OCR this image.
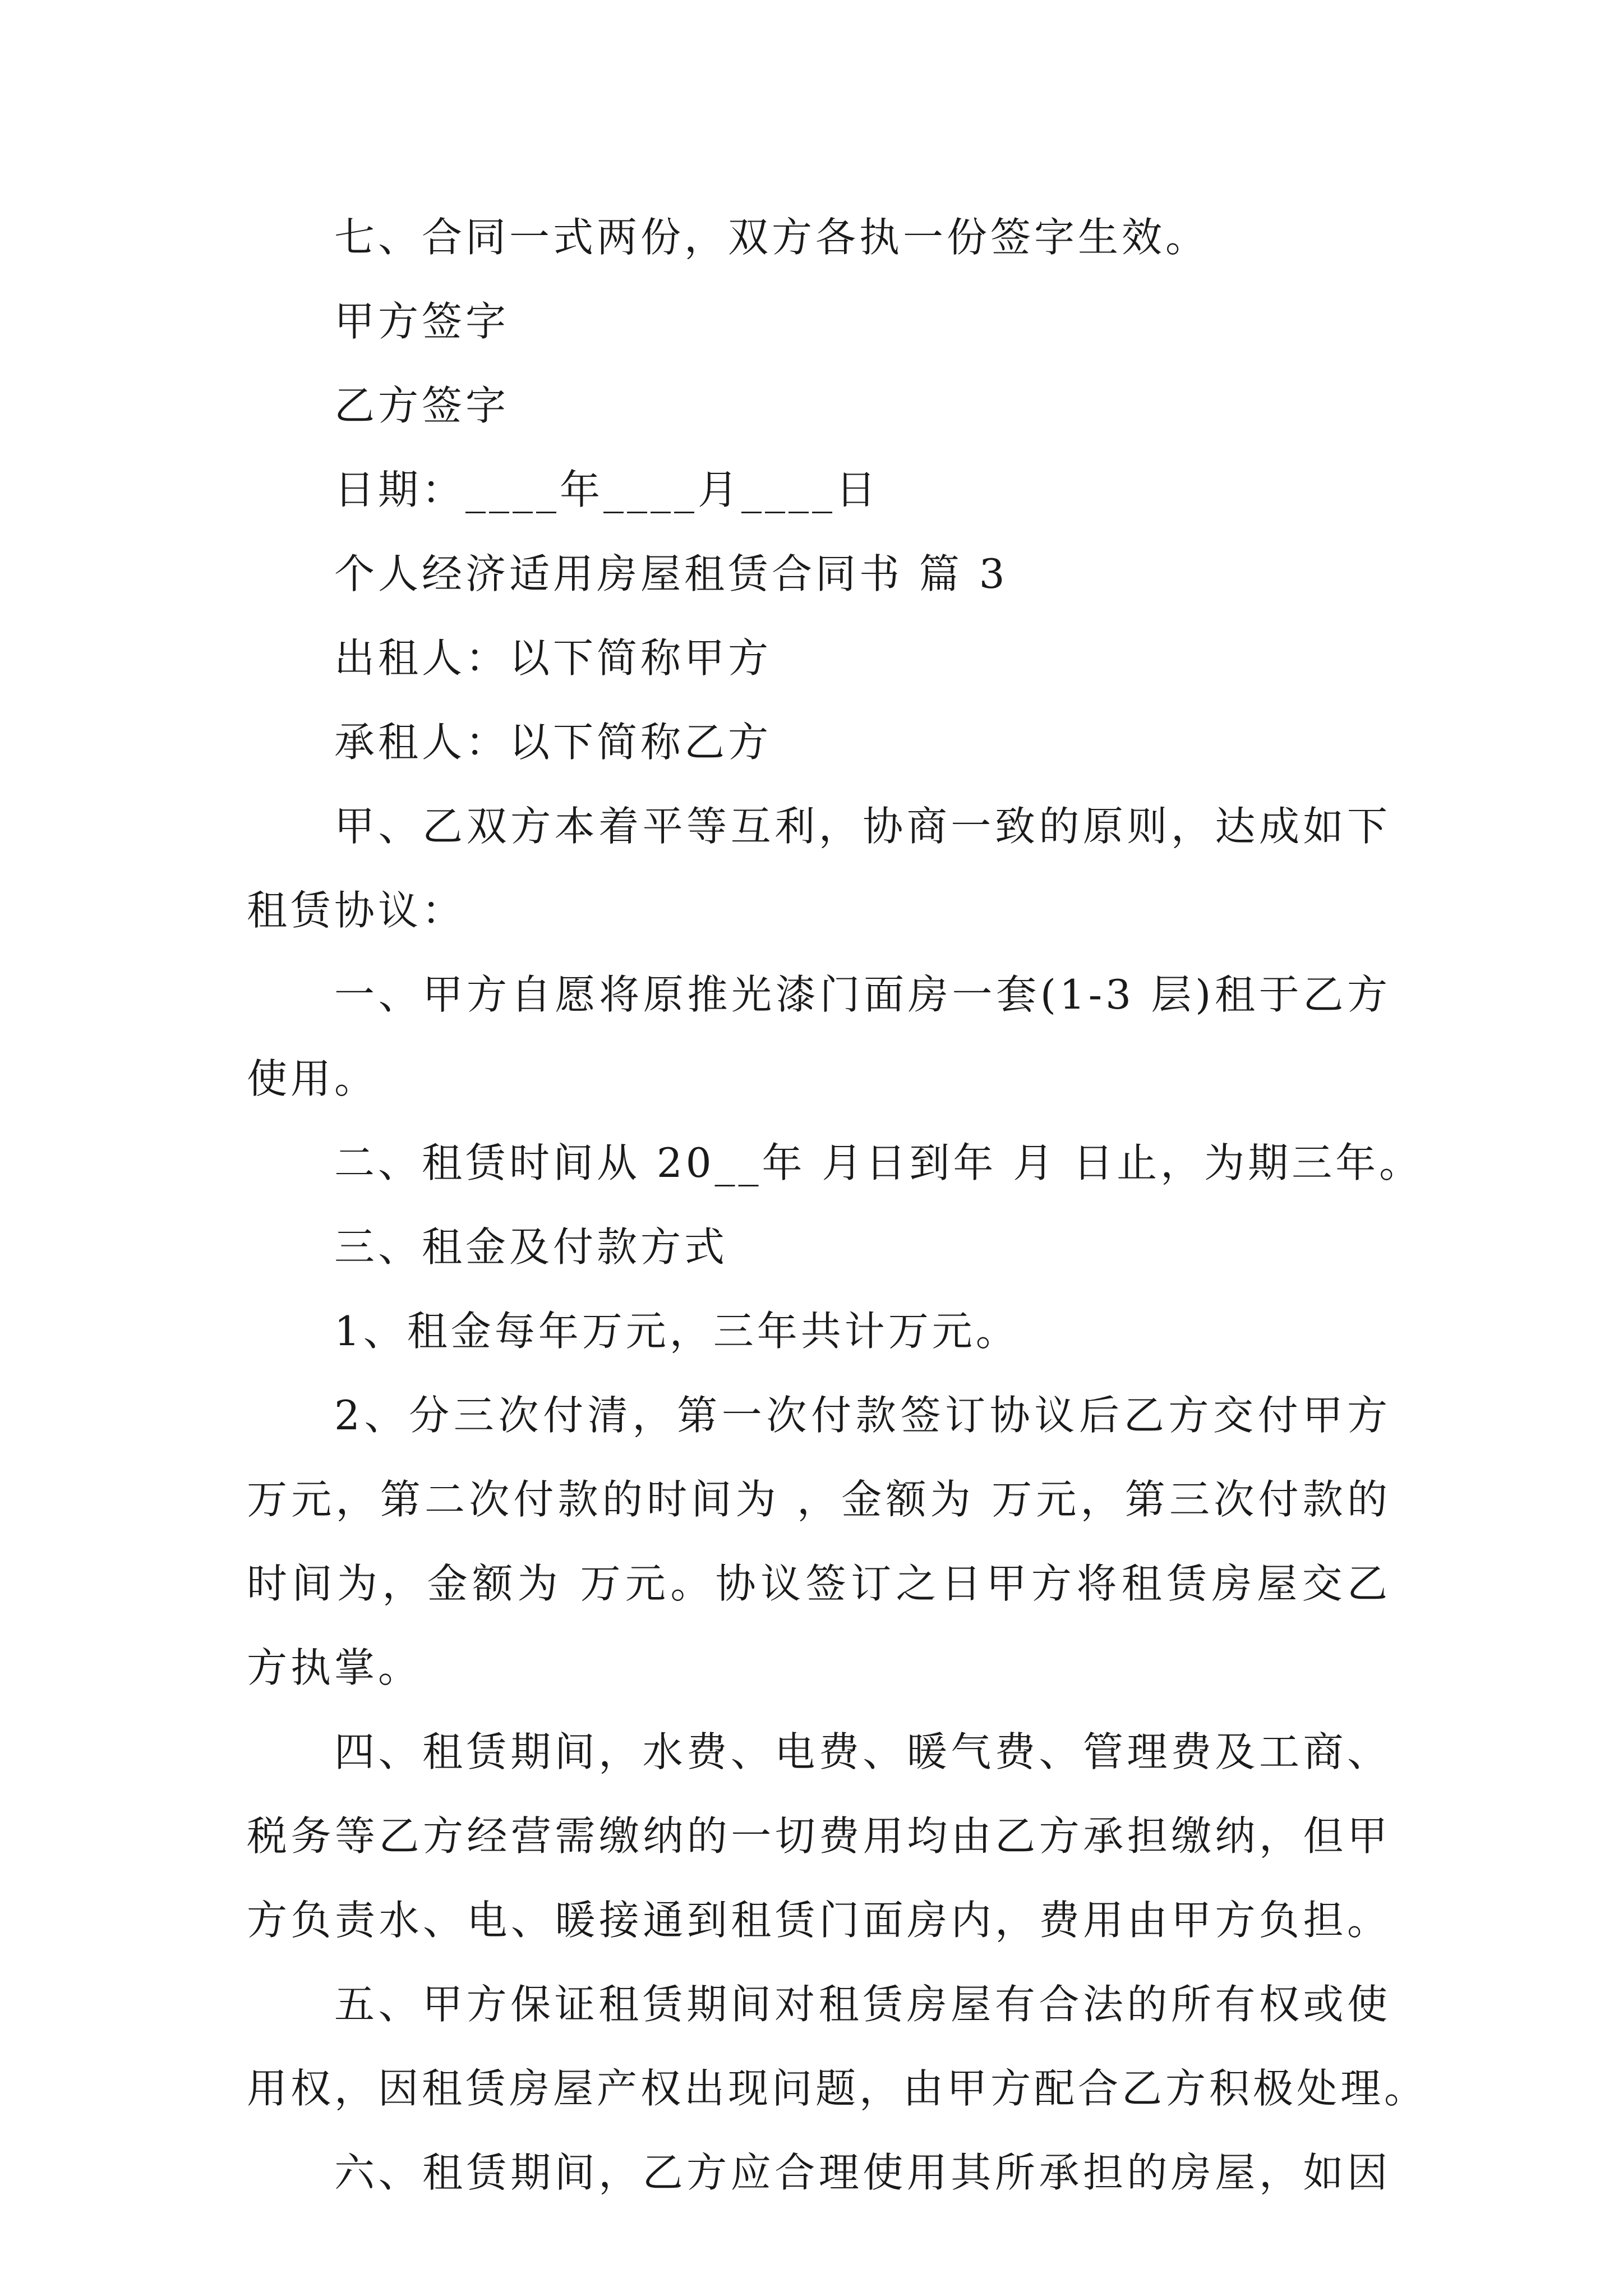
七、合同一式两份，双方各执一份签字生效。
甲方签字
乙方签字
日期：____年____月____日
个人经济适用房屋租赁合同书 篇 3
出租人：以下简称甲方
承租人：以下简称乙方
甲、乙双方本着平等互利，协商一致的原则，达成如下
租赁协议：
一、甲方自愿将原推光漆门面房一套(1-3 层)租于乙方
使用。
二、租赁时间从 20__年 月日到年 月 日止，为期三年。
三、租金及付款方式
1、租金每年万元，三年共计万元。
2、分三次付清，第一次付款签订协议后乙方交付甲方
万元，第二次付款的时间为 ，金额为 万元，第三次付款的
时间为，金额为 万元。协议签订之日甲方将租赁房屋交乙
方执掌。
四、租赁期间，水费、电费、暖气费、管理费及工商、
税务等乙方经营需缴纳的一切费用均由乙方承担缴纳，但甲
方负责水、电、暖接通到租赁门面房内，费用由甲方负担。
五、甲方保证租赁期间对租赁房屋有合法的所有权或使
用权，因租赁房屋产权出现问题，由甲方配合乙方积极处理。
六、租赁期间，乙方应合理使用其所承担的房屋，如因
